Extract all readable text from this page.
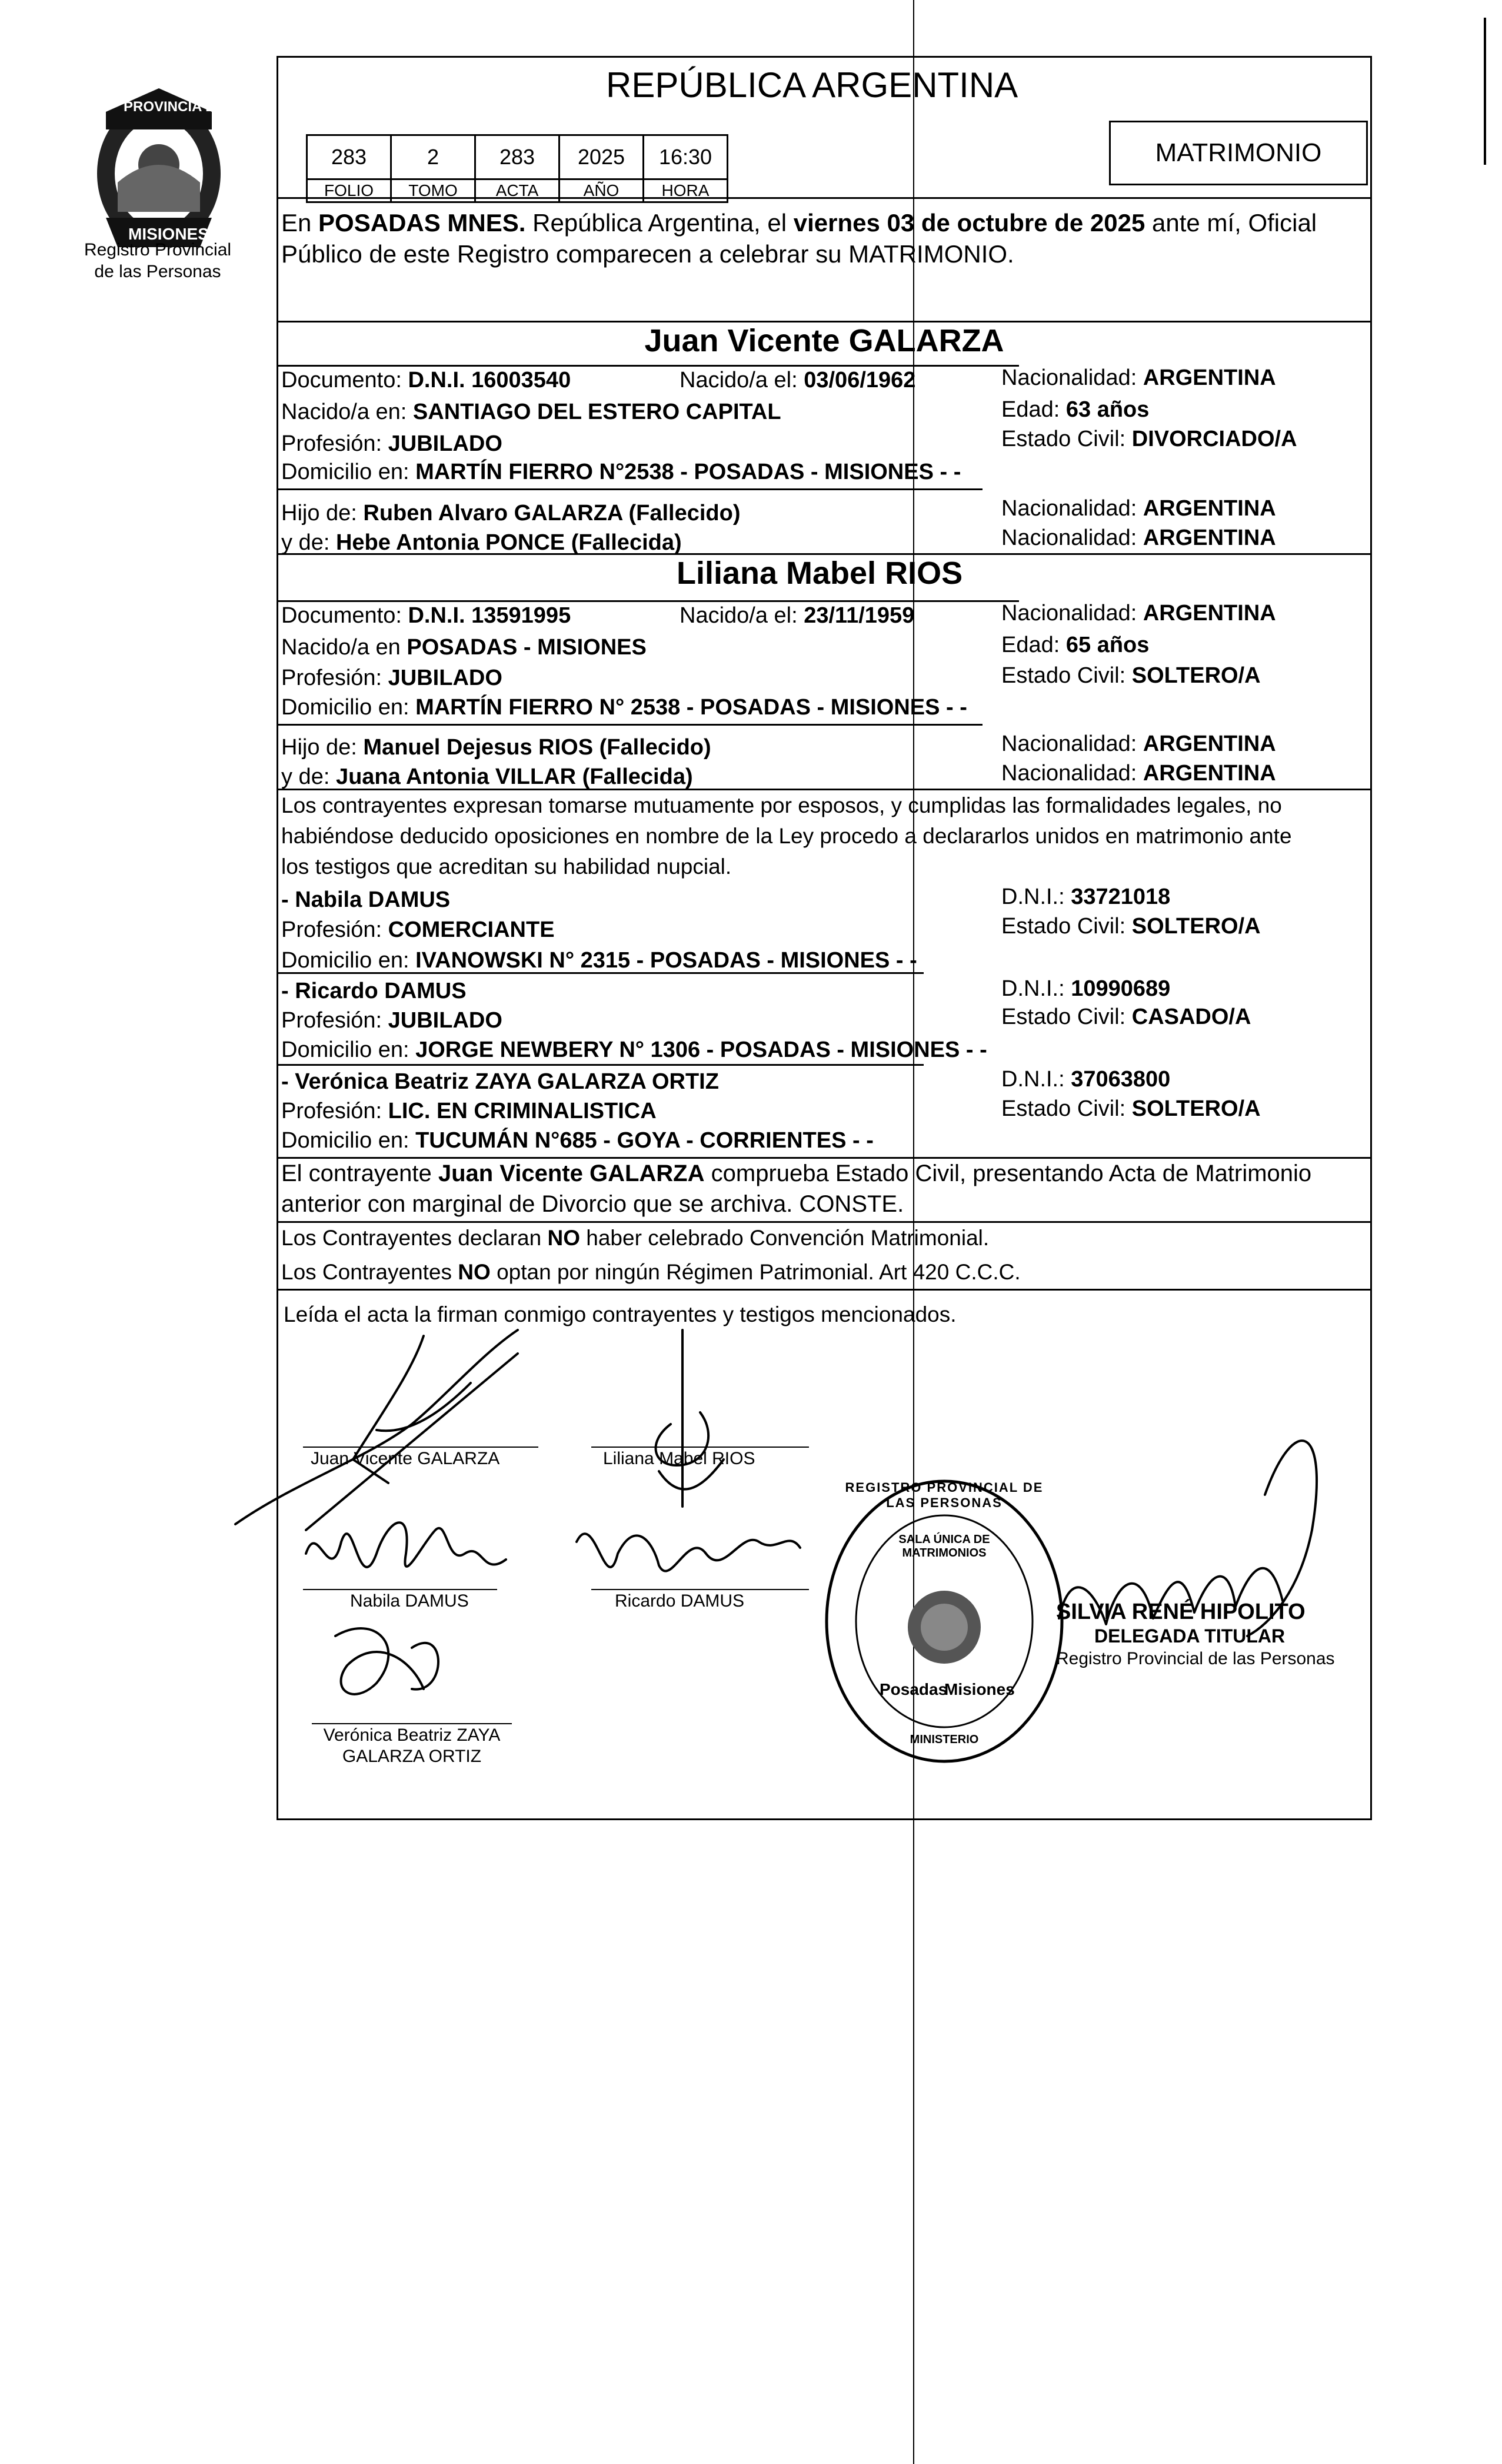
PROVINCIA DE
MISIONES
Registro Provincial
de las Personas
REPÚBLICA ARGENTINA
283	2	283	2025	16:30
FOLIO	TOMO	ACTA	AÑO	HORA
MATRIMONIO
En POSADAS MNES. República Argentina, el viernes 03 de octubre de 2025 ante mí, Oficial
Público de este Registro comparecen a celebrar su MATRIMONIO.
Juan Vicente GALARZA
Documento: D.N.I. 16003540	Nacido/a el: 03/06/1962	Nacionalidad: ARGENTINA
Nacido/a en: SANTIAGO DEL ESTERO CAPITAL	Edad: 63 años
Profesión: JUBILADO	Estado Civil: DIVORCIADO/A
Domicilio en: MARTÍN FIERRO N°2538 - POSADAS - MISIONES - -
Hijo de: Ruben Alvaro GALARZA (Fallecido)	Nacionalidad: ARGENTINA
y de: Hebe Antonia PONCE (Fallecida)	Nacionalidad: ARGENTINA
Liliana Mabel RIOS
Documento: D.N.I. 13591995	Nacido/a el: 23/11/1959	Nacionalidad: ARGENTINA
Nacido/a en POSADAS - MISIONES	Edad: 65 años
Profesión: JUBILADO	Estado Civil: SOLTERO/A
Domicilio en: MARTÍN FIERRO N° 2538 - POSADAS - MISIONES - -
Hijo de: Manuel Dejesus RIOS (Fallecido)	Nacionalidad: ARGENTINA
y de: Juana Antonia VILLAR (Fallecida)	Nacionalidad: ARGENTINA
Los contrayentes expresan tomarse mutuamente por esposos, y cumplidas las formalidades legales, no
habiéndose deducido oposiciones en nombre de la Ley procedo a declararlos unidos en matrimonio ante
los testigos que acreditan su habilidad nupcial.
- Nabila DAMUS	D.N.I.: 33721018
Profesión: COMERCIANTE	Estado Civil: SOLTERO/A
Domicilio en: IVANOWSKI N° 2315 - POSADAS - MISIONES - -
- Ricardo DAMUS	D.N.I.: 10990689
Profesión: JUBILADO	Estado Civil: CASADO/A
Domicilio en: JORGE NEWBERY N° 1306 - POSADAS - MISIONES - -
- Verónica Beatriz ZAYA GALARZA ORTIZ	D.N.I.: 37063800
Profesión: LIC. EN CRIMINALISTICA	Estado Civil: SOLTERO/A
Domicilio en: TUCUMÁN N°685 - GOYA - CORRIENTES - -
El contrayente Juan Vicente GALARZA comprueba Estado Civil, presentando Acta de Matrimonio
anterior con marginal de Divorcio que se archiva. CONSTE.
Los Contrayentes declaran NO haber celebrado Convención Matrimonial.
Los Contrayentes NO optan por ningún Régimen Patrimonial. Art 420 C.C.C.
Leída el acta la firman conmigo contrayentes y testigos mencionados.
Juan Vicente GALARZA	Liliana Mabel RIOS
Nabila DAMUS	Ricardo DAMUS
Verónica Beatriz ZAYA
GALARZA ORTIZ
REGISTRO PROVINCIAL DE LAS PERSONAS
SALA ÚNICA DE MATRIMONIOS
Posadas
Misiones
MINISTERIO
SILVIA RENÉ HIPOLITO
DELEGADA TITULAR
Registro Provincial de las Personas
